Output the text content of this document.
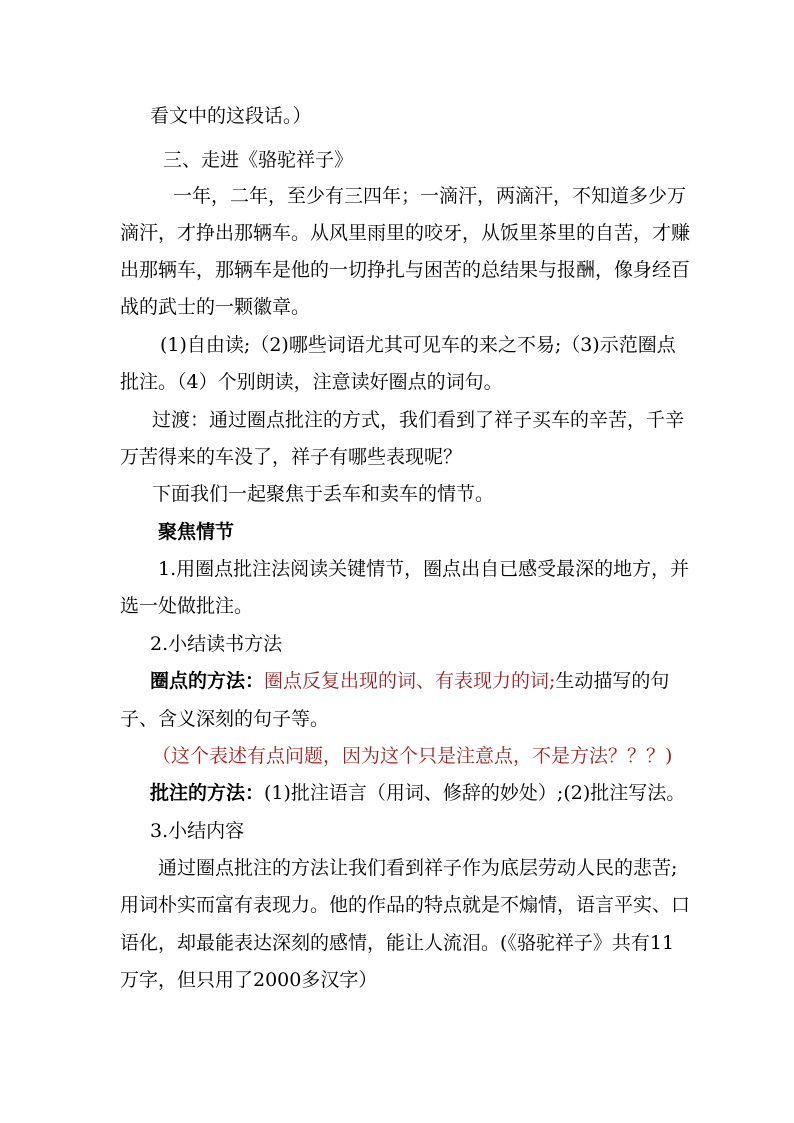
看文中的这段话。）
三、走进《骆驼祥子》
一年，二年，至少有三四年；一滴汗，两滴汗，不知道多少万
滴汗，才挣出那辆车。从风里雨里的咬牙，从饭里茶里的自苦，才赚
出那辆车，那辆车是他的一切挣扎与困苦的总结果与报酬，像身经百
战的武士的一颗徽章。
(1)自由读;（2)哪些词语尤其可见车的来之不易;（3)示范圈点
批注。（4）个别朗读，注意读好圈点的词句。
过渡：通过圈点批注的方式，我们看到了祥子买车的辛苦，千辛
万苦得来的车没了，祥子有哪些表现呢？
下面我们一起聚焦于丢车和卖车的情节。
聚焦情节
1.用圈点批注法阅读关键情节，圈点出自已感受最深的地方，并
选一处做批注。
2.小结读书方法
圈点的方法：圈点反复出现的词、有表现力的词;生动描写的句
子、含义深刻的句子等。
（这个表述有点问题，因为这个只是注意点，不是方法？？？)
批注的方法：(1)批注语言（用词、修辞的妙处）;(2)批注写法。
3.小结内容
通过圈点批注的方法让我们看到祥子作为底层劳动人民的悲苦;
用词朴实而富有表现力。他的作品的特点就是不煽情，语言平实、口
语化，却最能表达深刻的感情，能让人流泪。(《骆驼祥子》共有11
万字，但只用了2000多汉字）
